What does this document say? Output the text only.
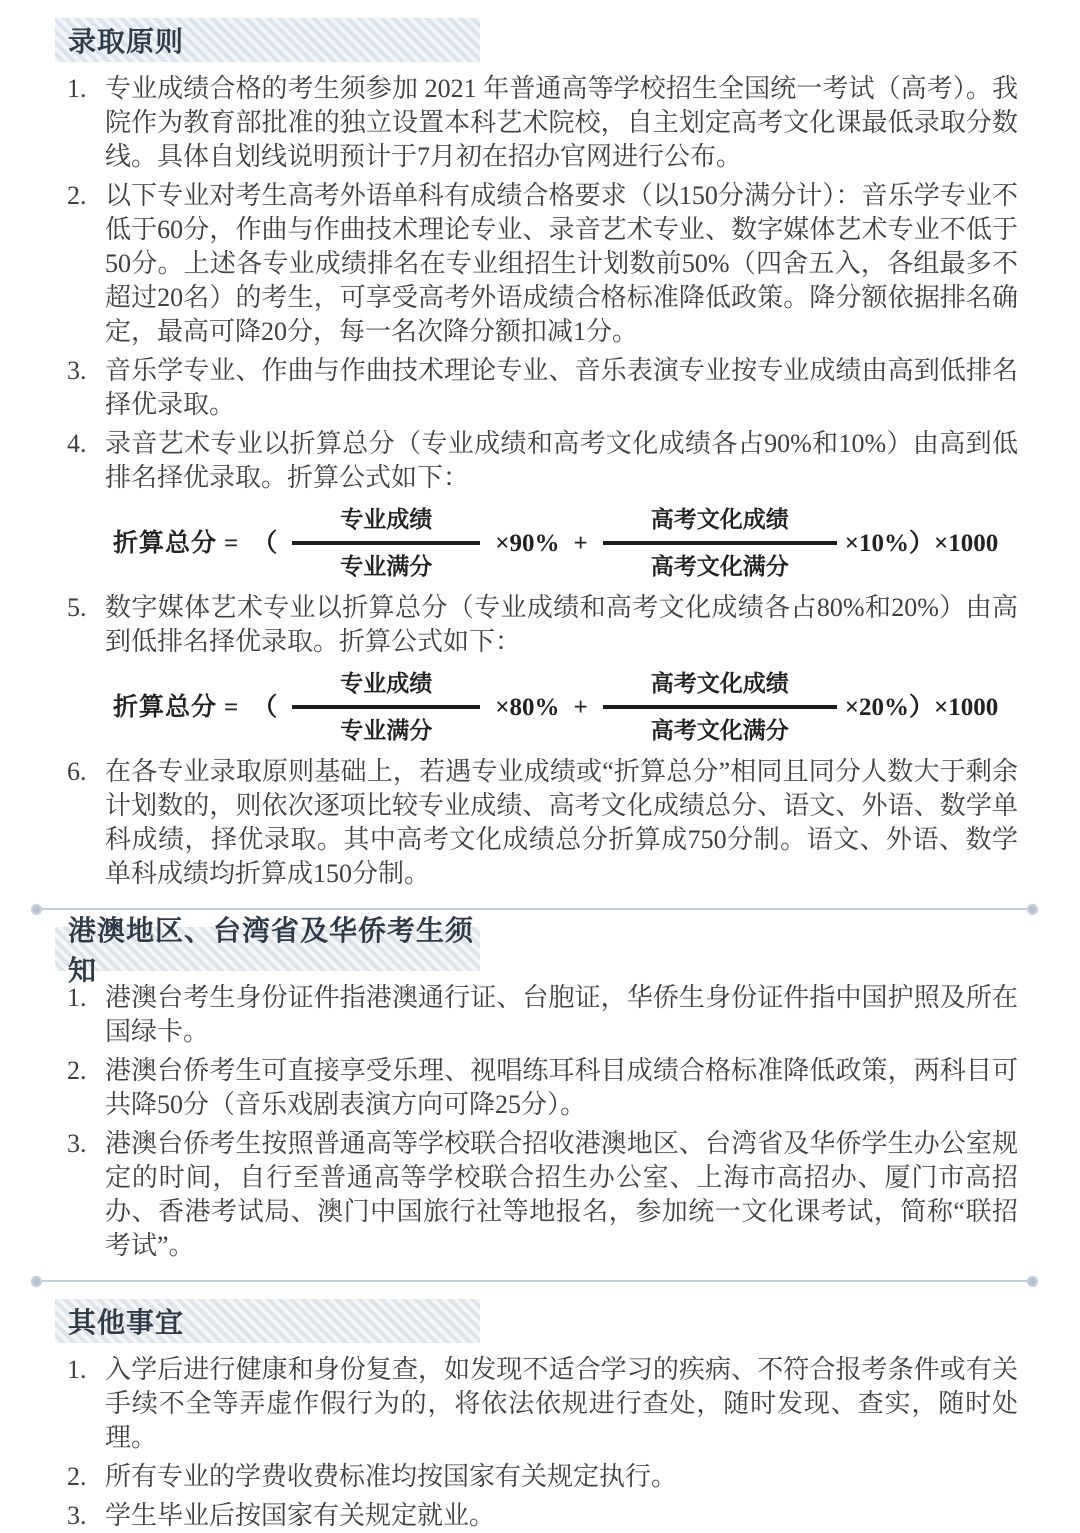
录取原则
1. 专业成绩合格的考生须参加 2021 年普通高等学校招生全国统一考试（高考）。我院作为教育部批准的独立设置本科艺术院校，自主划定高考文化课最低录取分数线。具体自划线说明预计于7月初在招办官网进行公布。
2. 以下专业对考生高考外语单科有成绩合格要求（以150分满分计）：音乐学专业不低于60分，作曲与作曲技术理论专业、录音艺术专业、数字媒体艺术专业不低于50分。上述各专业成绩排名在专业组招生计划数前50%（四舍五入，各组最多不超过20名）的考生，可享受高考外语成绩合格标准降低政策。降分额依据排名确定，最高可降20分，每一名次降分额扣减1分。
3. 音乐学专业、作曲与作曲技术理论专业、音乐表演专业按专业成绩由高到低排名择优录取。
4. 录音艺术专业以折算总分（专业成绩和高考文化成绩各占90%和10%）由高到低排名择优录取。折算公式如下：
折算总分 = （ $\frac{\text{专业成绩}}{\text{专业满分}} \times 90\% + \frac{\text{高考文化成绩}}{\text{高考文化满分}} \times 10\%)\times 1000$
5. 数字媒体艺术专业以折算总分（专业成绩和高考文化成绩各占80%和20%）由高到低排名择优录取。折算公式如下：
折算总分 = （ $\frac{\text{专业成绩}}{\text{专业满分}} \times 80\% + \frac{\text{高考文化成绩}}{\text{高考文化满分}} \times 20\%)\times 1000$
6. 在各专业录取原则基础上，若遇专业成绩或“折算总分”相同且同分人数大于剩余计划数的，则依次逐项比较专业成绩、高考文化成绩总分、语文、外语、数学单科成绩，择优录取。其中高考文化成绩总分折算成750分制。语文、外语、数学单科成绩均折算成150分制。
港澳地区、台湾省及华侨考生须知
1. 港澳台考生身份证件指港澳通行证、台胞证，华侨生身份证件指中国护照及所在国绿卡。
2. 港澳台侨考生可直接享受乐理、视唱练耳科目成绩合格标准降低政策，两科目可共降50分（音乐戏剧表演方向可降25分）。
3. 港澳台侨考生按照普通高等学校联合招收港澳地区、台湾省及华侨学生办公室规定的时间，自行至普通高等学校联合招生办公室、上海市高招办、厦门市高招办、香港考试局、澳门中国旅行社等地报名，参加统一文化课考试，简称“联招考试”。
其他事宜
1. 入学后进行健康和身份复查，如发现不适合学习的疾病、不符合报考条件或有关手续不全等弄虚作假行为的，将依法依规进行查处，随时发现、查实，随时处理。
2. 所有专业的学费收费标准均按国家有关规定执行。
3. 学生毕业后按国家有关规定就业。
